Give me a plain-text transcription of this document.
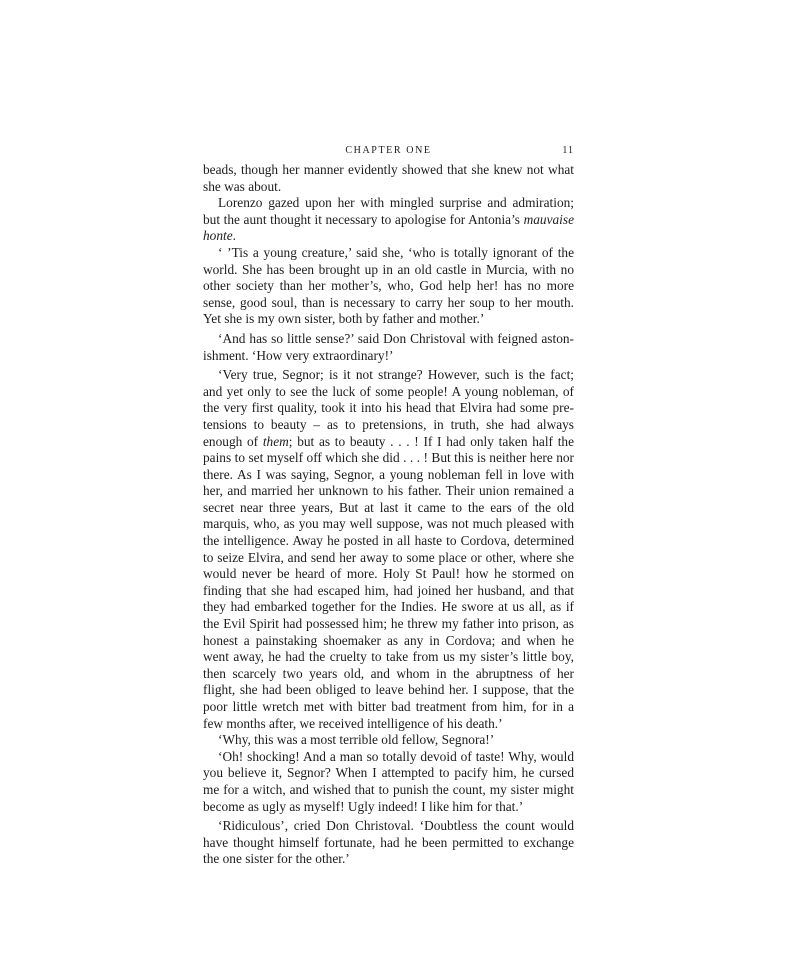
CHAPTER ONE	11

beads, though her manner evidently showed that she knew not what she was about.

Lorenzo gazed upon her with mingled surprise and admiration; but the aunt thought it necessary to apologise for Antonia’s mauvaise honte.

‘ ’Tis a young creature,’ said she, ‘who is totally ignorant of the world. She has been brought up in an old castle in Murcia, with no other society than her mother’s, who, God help her! has no more sense, good soul, than is necessary to carry her soup to her mouth. Yet she is my own sister, both by father and mother.’

‘And has so little sense?’ said Don Christoval with feigned astonishment. ‘How very extraordinary!’

‘Very true, Segnor; is it not strange? However, such is the fact; and yet only to see the luck of some people! A young nobleman, of the very first quality, took it into his head that Elvira had some pretensions to beauty – as to pretensions, in truth, she had always enough of them; but as to beauty . . . ! If I had only taken half the pains to set myself off which she did . . . ! But this is neither here nor there. As I was saying, Segnor, a young nobleman fell in love with her, and married her unknown to his father. Their union remained a secret near three years, But at last it came to the ears of the old marquis, who, as you may well suppose, was not much pleased with the intelligence. Away he posted in all haste to Cordova, determined to seize Elvira, and send her away to some place or other, where she would never be heard of more. Holy St Paul! how he stormed on finding that she had escaped him, had joined her husband, and that they had embarked together for the Indies. He swore at us all, as if the Evil Spirit had possessed him; he threw my father into prison, as honest a painstaking shoemaker as any in Cordova; and when he went away, he had the cruelty to take from us my sister’s little boy, then scarcely two years old, and whom in the abruptness of her flight, she had been obliged to leave behind her. I suppose, that the poor little wretch met with bitter bad treatment from him, for in a few months after, we received intelligence of his death.’

‘Why, this was a most terrible old fellow, Segnora!’

‘Oh! shocking! And a man so totally devoid of taste! Why, would you believe it, Segnor? When I attempted to pacify him, he cursed me for a witch, and wished that to punish the count, my sister might become as ugly as myself! Ugly indeed! I like him for that.’

‘Ridiculous’, cried Don Christoval. ‘Doubtless the count would have thought himself fortunate, had he been permitted to exchange the one sister for the other.’
